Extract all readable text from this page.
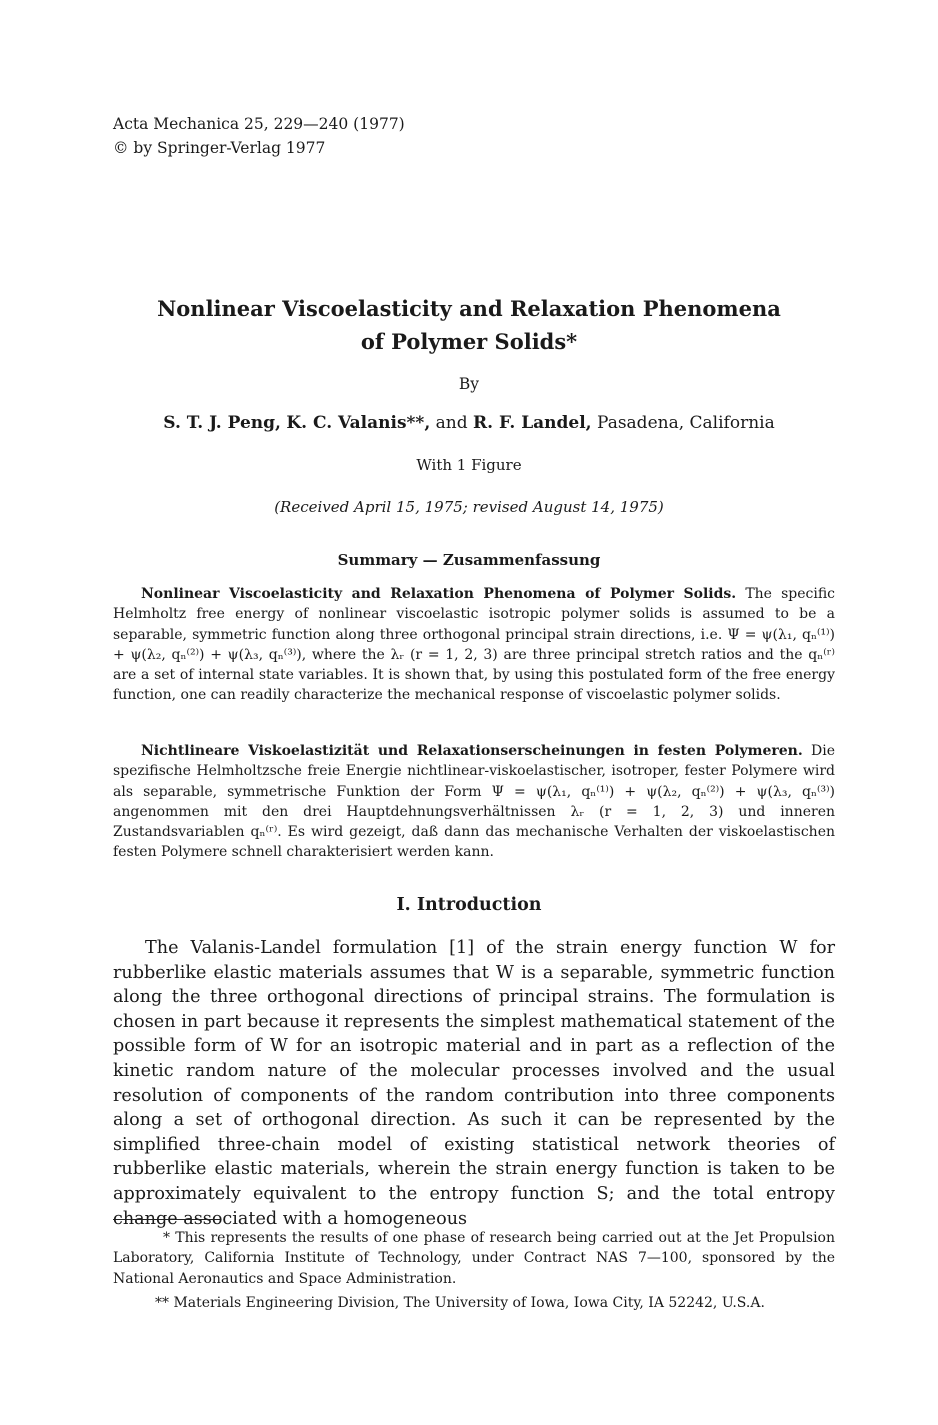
Acta Mechanica 25, 229—240 (1977)
© by Springer-Verlag 1977
Nonlinear Viscoelasticity and Relaxation Phenomena
of Polymer Solids*
By
S. T. J. Peng, K. C. Valanis**, and R. F. Landel, Pasadena, California
With 1 Figure
(Received April 15, 1975; revised August 14, 1975)
Summary — Zusammenfassung
Nonlinear Viscoelasticity and Relaxation Phenomena of Polymer Solids. The specific Helmholtz free energy of nonlinear viscoelastic isotropic polymer solids is assumed to be a separable, symmetric function along three orthogonal principal strain directions, i.e. Ψ = ψ(λ₁, qₙ⁽¹⁾) + ψ(λ₂, qₙ⁽²⁾) + ψ(λ₃, qₙ⁽³⁾), where the λᵣ (r = 1, 2, 3) are three principal stretch ratios and the qₙ⁽ʳ⁾ are a set of internal state variables. It is shown that, by using this postulated form of the free energy function, one can readily characterize the mechanical response of viscoelastic polymer solids.
Nichtlineare Viskoelastizität und Relaxationserscheinungen in festen Polymeren. Die spezifische Helmholtzsche freie Energie nichtlinear-viskoelastischer, isotroper, fester Polymere wird als separable, symmetrische Funktion der Form Ψ = ψ(λ₁, qₙ⁽¹⁾) + ψ(λ₂, qₙ⁽²⁾) + ψ(λ₃, qₙ⁽³⁾) angenommen mit den drei Hauptdehnungsverhältnissen λᵣ (r = 1, 2, 3) und inneren Zustandsvariablen qₙ⁽ʳ⁾. Es wird gezeigt, daß dann das mechanische Verhalten der viskoelastischen festen Polymere schnell charakterisiert werden kann.
I. Introduction
The Valanis-Landel formulation [1] of the strain energy function W for rubberlike elastic materials assumes that W is a separable, symmetric function along the three orthogonal directions of principal strains. The formulation is chosen in part because it represents the simplest mathematical statement of the possible form of W for an isotropic material and in part as a reflection of the kinetic random nature of the molecular processes involved and the usual resolution of components of the random contribution into three components along a set of orthogonal direction. As such it can be represented by the simplified three-chain model of existing statistical network theories of rubberlike elastic materials, wherein the strain energy function is taken to be approximately equivalent to the entropy function S; and the total entropy change associated with a homogeneous
* This represents the results of one phase of research being carried out at the Jet Propulsion Laboratory, California Institute of Technology, under Contract NAS 7—100, sponsored by the National Aeronautics and Space Administration.
** Materials Engineering Division, The University of Iowa, Iowa City, IA 52242, U.S.A.
